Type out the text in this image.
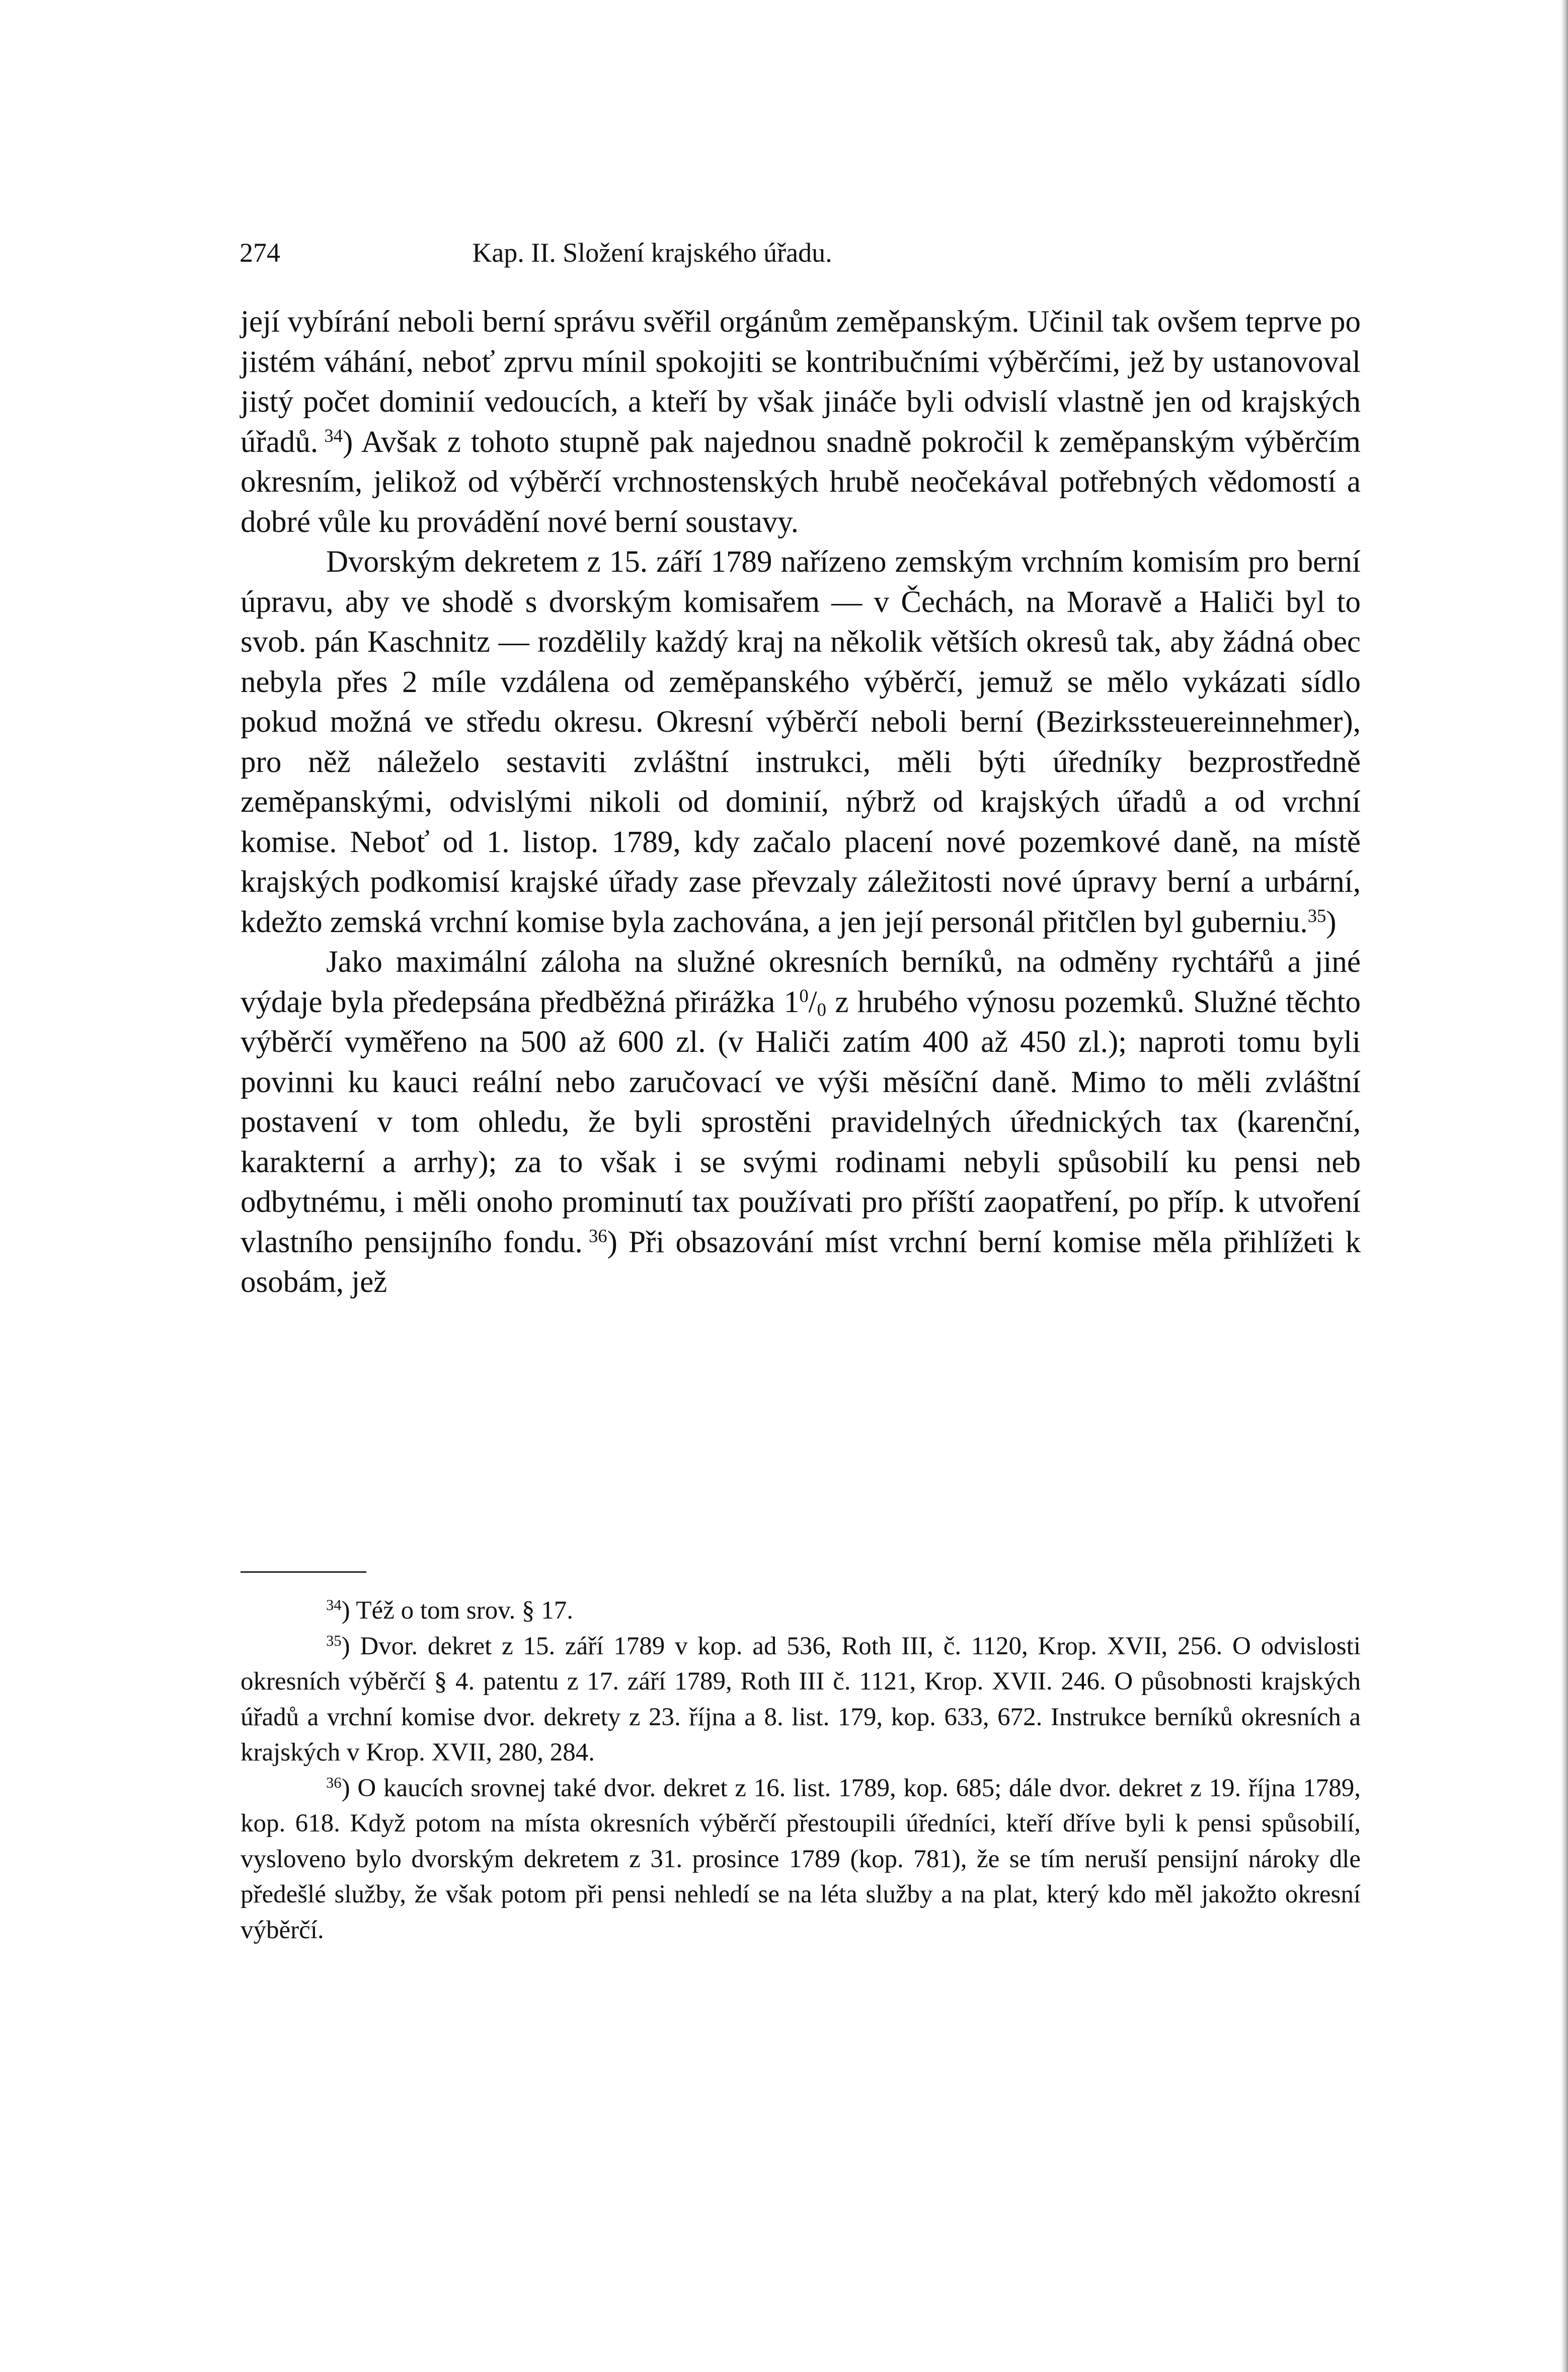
274	Kap. II. Složení krajského úřadu.

její vybírání neboli berní správu svěřil orgánům zeměpanským. Učinil tak ovšem teprve po jistém váhání, neboť zprvu mínil spokojiti se kontribučními výběrčími, jež by ustanovoval jistý počet dominií vedoucích, a kteří by však jináče byli odvislí vlastně jen od krajských úřadů.  $^{34}$) Avšak z tohoto stupně pak najednou snadně pokročil k zeměpanským výběrčím okresním, jelikož od výběrčí vrchnostenských hrubě neočekával potřebných vědomostí a dobré vůle ku provádění nové berní soustavy.

Dvorským dekretem z 15. září 1789 nařízeno zemským vrchním komisím pro berní úpravu, aby ve shodě s dvorským komisařem — v Čechách, na Moravě a Haliči byl to svob. pán Kaschnitz — rozdělily každý kraj na několik větších okresů tak, aby žádná obec nebyla přes 2 míle vzdálena od zeměpanského výběrčí, jemuž se mělo vykázati sídlo pokud možná ve středu okresu. Okresní výběrčí neboli berní (Bezirkssteuereinnehmer), pro něž náleželo sestaviti zvláštní instrukci, měli býti úředníky bezprostředně zeměpanskými, odvislými nikoli od dominií, nýbrž od krajských úřadů a od vrchní komise. Neboť od 1. listop. 1789, kdy začalo placení nové pozemkové daně, na místě krajských podkomisí krajské úřady zase převzaly záležitosti nové úpravy berní a urbární, kdežto zemská vrchní komise byla zachována, a jen její personál přitčlen byl guberniu.$^{35}$)

Jako maximální záloha na služné okresních berníků, na odměny rychtářů a jiné výdaje byla předepsána předběžná přirážka $1^0/_0$ z hrubého výnosu pozemků. Služné těchto výběrčí vyměřeno na 500 až 600 zl. (v Haliči zatím 400 až 450 zl.); naproti tomu byli povinni ku kauci reální nebo zaručovací ve výši měsíční daně. Mimo to měli zvláštní postavení v tom ohledu, že byli sprostěni pravidelných úřednických tax (karenční, karakterní a arrhy); za to však i se svými rodinami nebyli spůsobilí ku pensi neb odbytnému, i měli onoho prominutí tax používati pro příští zaopatření, po příp. k utvoření vlastního pensijního fondu.  $^{36}$) Při obsazování míst vrchní berní komise měla přihlížeti k osobám, jež

$^{34}$) Též o tom srov. § 17.

$^{35}$) Dvor. dekret z 15. září 1789 v kop. ad 536, Roth III, č. 1120, Krop. XVII, 256. O odvislosti okresních výběrčí § 4. patentu z 17. září 1789, Roth III č. 1121, Krop. XVII. 246. O působnosti krajských úřadů a vrchní komise dvor. dekrety z 23. října a 8. list. 179, kop. 633, 672. Instrukce berníků okresních a krajských v Krop. XVII, 280, 284.

$^{36}$) O kaucích srovnej také dvor. dekret z 16. list. 1789, kop. 685; dále dvor. dekret z 19. října 1789, kop. 618. Když potom na místa okresních výběrčí přestoupili úředníci, kteří dříve byli k pensi spůsobilí, vysloveno bylo dvorským dekretem z 31. prosince 1789 (kop. 781), že se tím neruší pensijní nároky dle předešlé služby, že však potom při pensi nehledí se na léta služby a na plat, který kdo měl jakožto okresní výběrčí.
